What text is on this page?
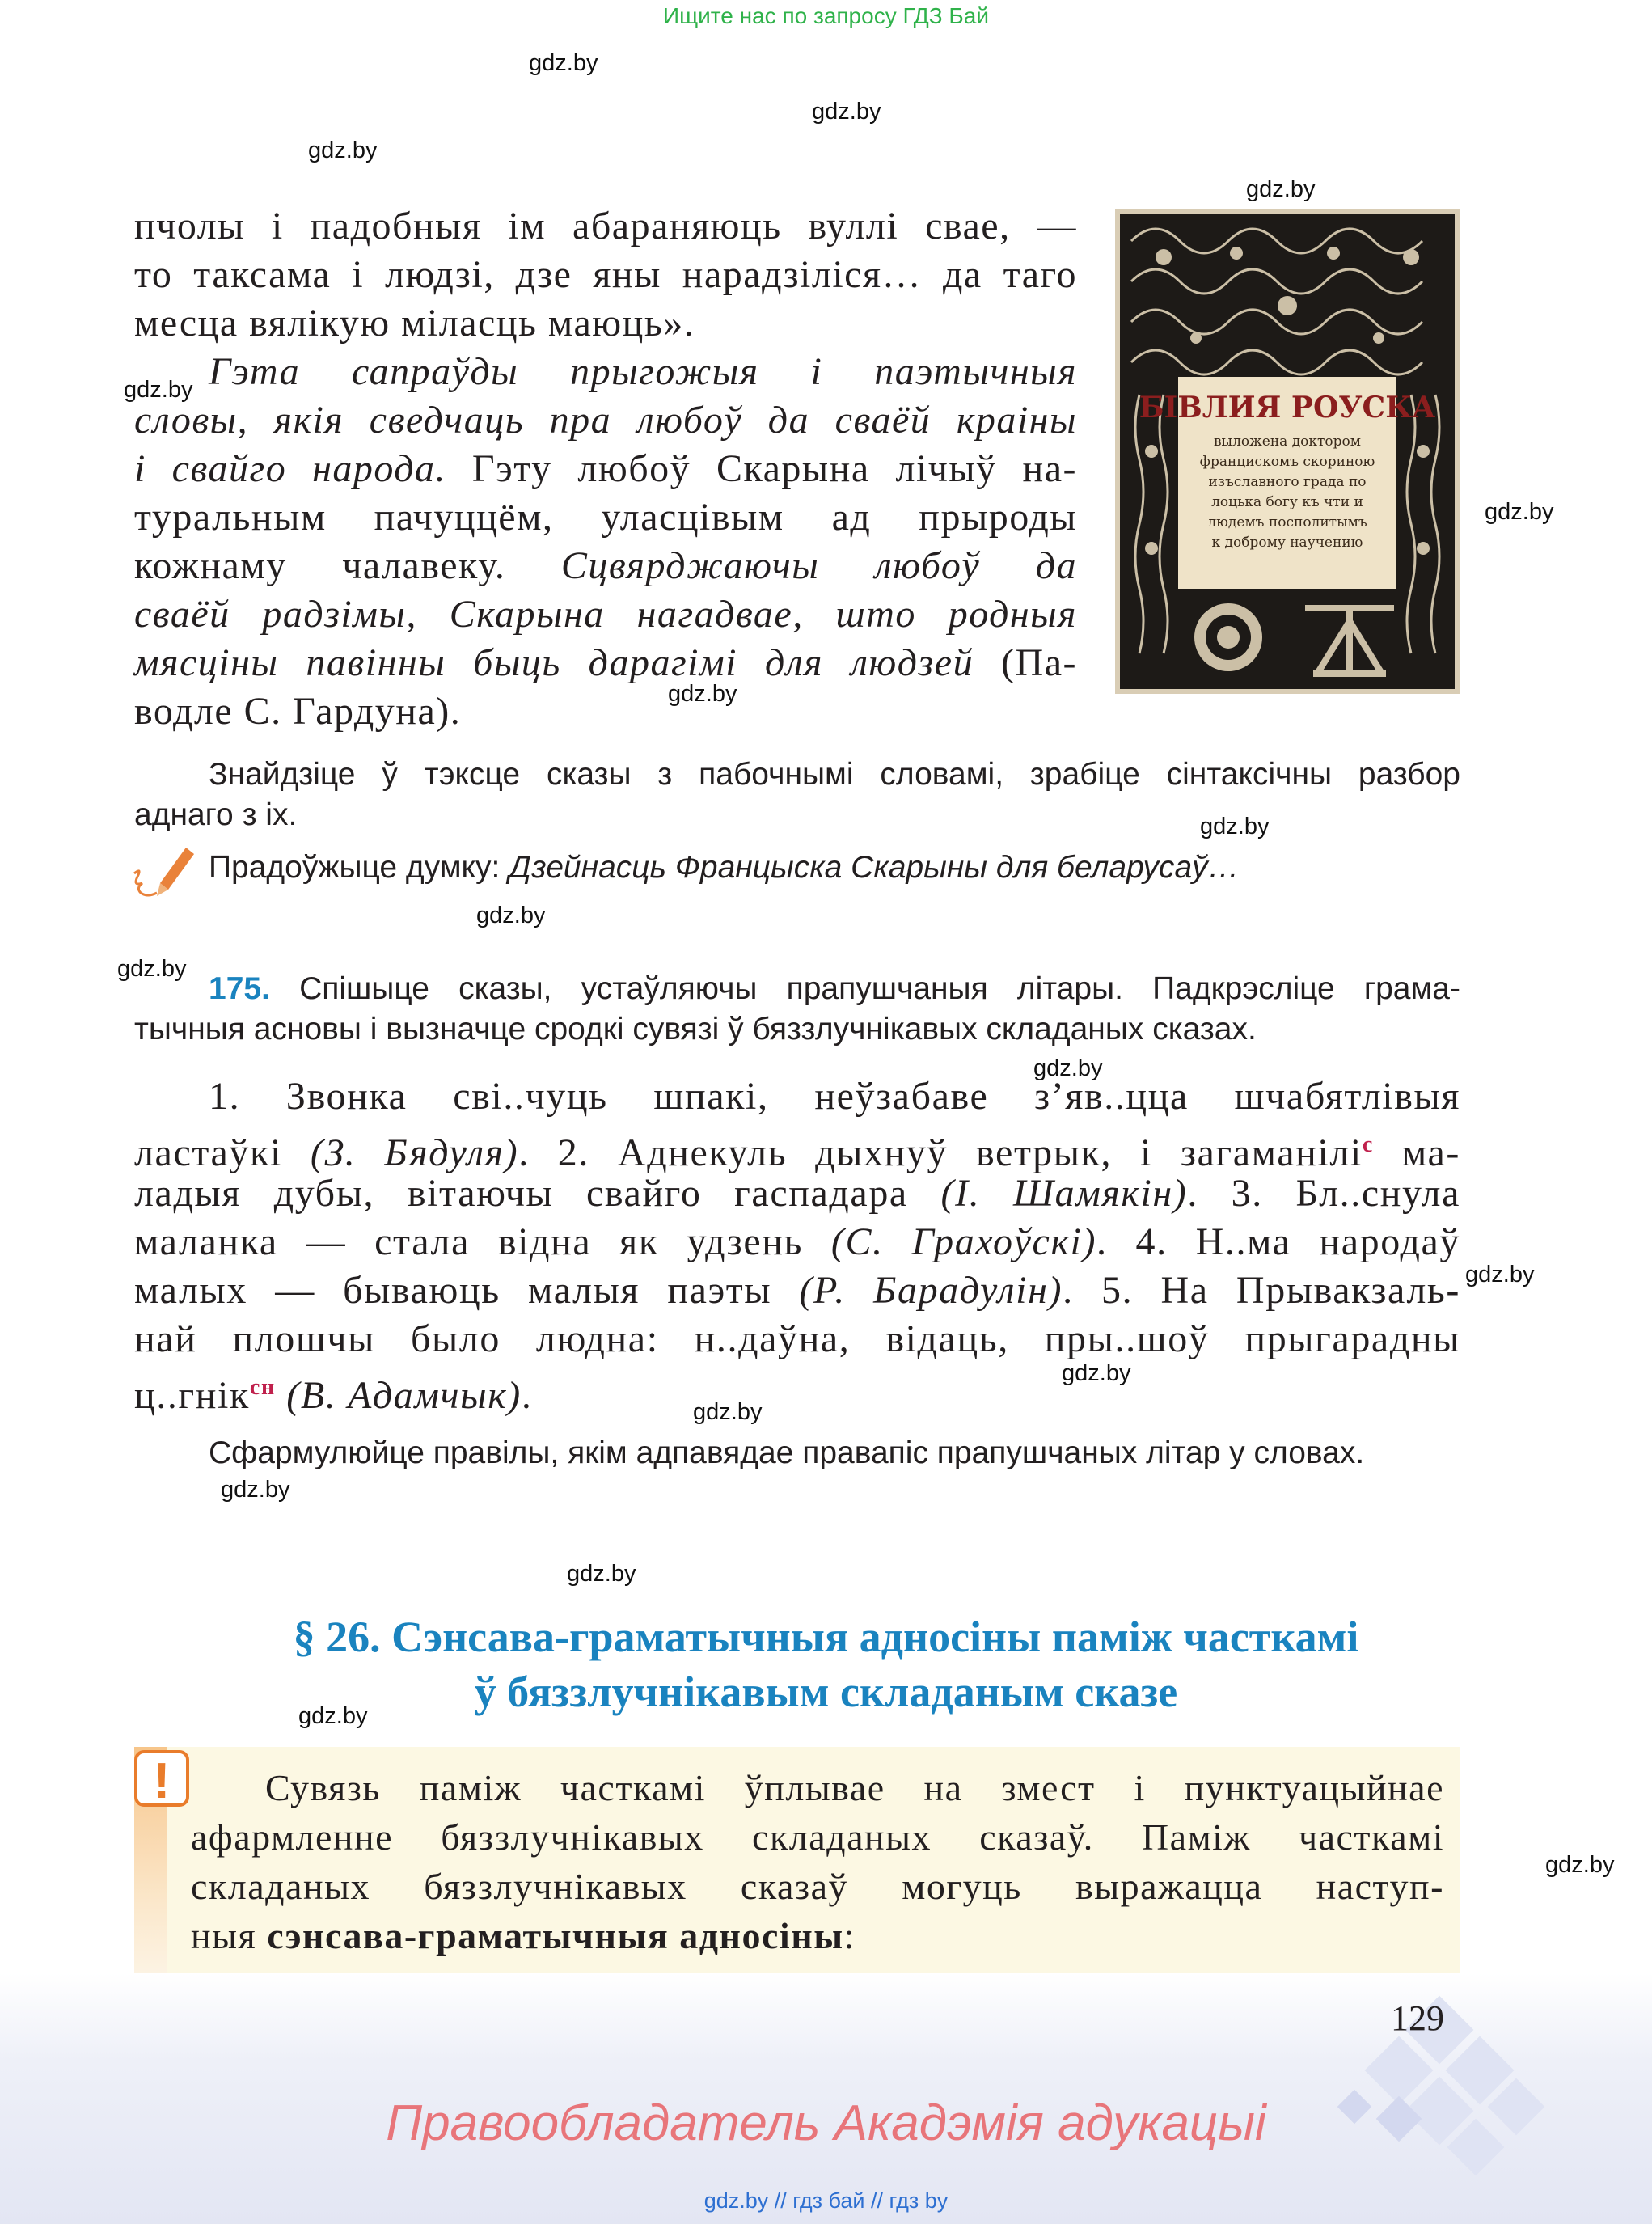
Ищите нас по запросу ГДЗ Бай
gdz.by
gdz.by
gdz.by
gdz.by
gdz.by
gdz.by
gdz.by
gdz.by
gdz.by
gdz.by
gdz.by
gdz.by
gdz.by
gdz.by
gdz.by
gdz.by
gdz.by
gdz.by
пчолы і падобныя ім абараняюць вуллі свае, —
то таксама і людзі, дзе яны нарадзіліся… да таго
месца вялікую міласць маюць».
Гэта сапраўды прыгожыя і паэтычныя
словы, якія сведчаць пра любоў да сваёй краіны
і свайго народа. Гэту любоў Скарына лічыў на-
туральным пачуццём, уласцівым ад прыроды
кожнаму чалавеку. Сцвярджаючы любоў да
сваёй радзімы, Скарына нагадвае, што родныя
мясціны павінны быць дарагімі для людзей (Па-
водле С. Гардуна).
БІВЛИЯ РОУСКА
выложена доктором
францискомъ скориною
изъславного града по
лоцька богу къ чти и
людемъ посполитымъ
к доброму научению
Знайдзіце ў тэксце сказы з пабочнымі словамі, зрабіце сінтаксічны разбор
аднаго з іх.
Прадоўжыце думку: Дзейнасць Францыска Скарыны для беларусаў…
175. Спішыце сказы, устаўляючы прапушчаныя літары. Падкрэсліце грама-
тычныя асновы і вызначце сродкі сувязі ў бяззлучнікавых складаных сказах.
1. Звонка сві..чуць шпакі, неўзабаве з’яв..цца шчабятлівыя
ластаўкі (З. Бядуля). 2. Аднекуль дыхнуў ветрык, і загаманілі$^с$ ма-
ладыя дубы, вітаючы свайго гаспадара (І. Шамякін). 3. Бл..снула
маланка — стала відна як удзень (С. Грахоўскі). 4. Н..ма народаў
малых — бываюць малыя паэты (Р. Барадулін). 5. На Прывакзаль-
най плошчы было людна: н..даўна, відаць, пры..шоў прыгарадны
ц..гнік$^{сн}$ (В. Адамчык).
Сфармулюйце правілы, якім адпавядае правапіс прапушчаных літар у словах.
§ 26. Сэнсава-граматычныя адносіны паміж часткамі
ў бяззлучнікавым складаным сказе
!	Сувязь паміж часткамі ўплывае на змест і пунктуацыйнае
афармленне бяззлучнікавых складаных сказаў. Паміж часткамі
складаных бяззлучнікавых сказаў могуць выражацца наступ-
ныя сэнсава-граматычныя адносіны:
129
Правообладатель Акадэмія адукацыі
gdz.by // гдз бай // гдз by
